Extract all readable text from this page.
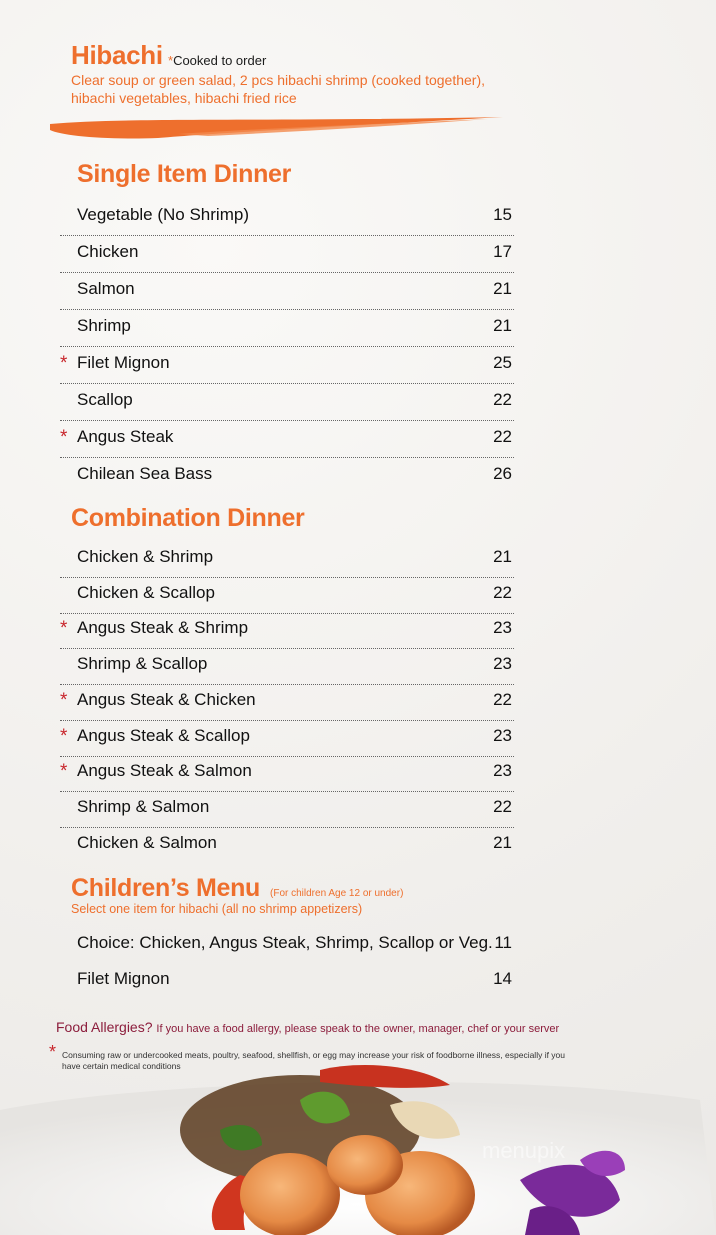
Hibachi *Cooked to order
Clear soup or green salad, 2 pcs hibachi shrimp (cooked together), hibachi vegetables, hibachi fried rice
Single Item Dinner
Vegetable (No Shrimp)	15
Chicken	17
Salmon	21
Shrimp	21
* Filet Mignon	25
Scallop	22
* Angus Steak	22
Chilean Sea Bass	26
Combination Dinner
Chicken & Shrimp	21
Chicken & Scallop	22
* Angus Steak & Shrimp	23
Shrimp & Scallop	23
* Angus Steak & Chicken	22
* Angus Steak & Scallop	23
* Angus Steak & Salmon	23
Shrimp & Salmon	22
Chicken & Salmon	21
Children’s Menu (For children Age 12 or under)
Select one item for hibachi (all no shrimp appetizers)
Choice: Chicken, Angus Steak, Shrimp, Scallop or Veg. 11
Filet Mignon	14
Food Allergies? If you have a food allergy, please speak to the owner, manager, chef or your server
* Consuming raw or undercooked meats, poultry, seafood, shellfish, or egg may increase your risk of foodborne illness, especially if you have certain medical conditions
menupix
